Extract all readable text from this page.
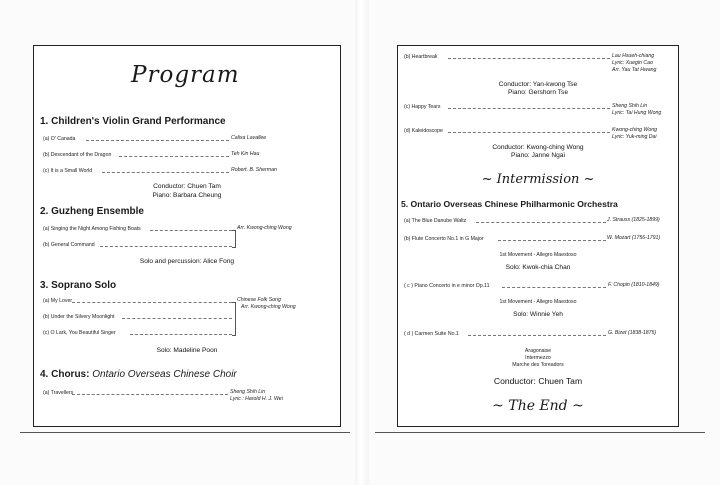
Program
1. Children's Violin Grand Performance
(a) O' Canada	Calixa Lavallee
(b) Descendant of the Dragon	Teh Kin Hau
(c) It is a Small World	Robert. B. Sherman
Conductor: Chuen Tam
Piano: Barbara Cheung
2. Guzheng Ensemble
(a) Singing the Night Among Fishing Boats
(b) General Command
Arr. Kwong-ching Wong
Solo and percussion: Alice Fong
3. Soprano Solo
(a) My Lover
(b) Under the Silvery Moonlight
(c) O Lark, You Beautiful Singer
Chinese Folk Song
Arr. Kwong-ching Wong
Solo: Madeline Poon
4. Chorus: Ontario Overseas Chinese Choir
(a) Travellers	Sheng Shih Lin
Lyric : Harold H. J. Wei
(b) Heartbreak	Lau Hsueh-chiang
Lyric: Xuegin Cao
Arr. Yau Tat Hwang
Conductor: Yan-kwong Tse
Piano: Gershorn Tse
(c) Happy Tears	Sheng Shih Lin
Lyric: Tai Hung Wong
(d) Kaleidoscope	Kwong-ching Wong
Lyric: Yuk-ming Dai
Conductor: Kwong-ching Wong
Piano: Janne Ngai
~ Intermission ~
5. Ontario Overseas Chinese Philharmonic Orchestra
(a) The Blue Danube Waltz	J. Strauss (1825-1899)
(b) Flute Concerto No.1 in G Major	W. Mozart (1756-1791)
1st Movement - Allegro Maestoso
Solo: Kwok-chia Chan
( c ) Piano Concerto in e minor Op.11	F. Chopin (1810-1849)
1st Movement - Allegro Maestoso
Solo: Winnie Yeh
( d ) Carmen Suite No.1	G. Bizet (1838-1875)
Aragonaise
Intermezzo
Marche des Toreadors
Conductor: Chuen Tam
~ The End ~
